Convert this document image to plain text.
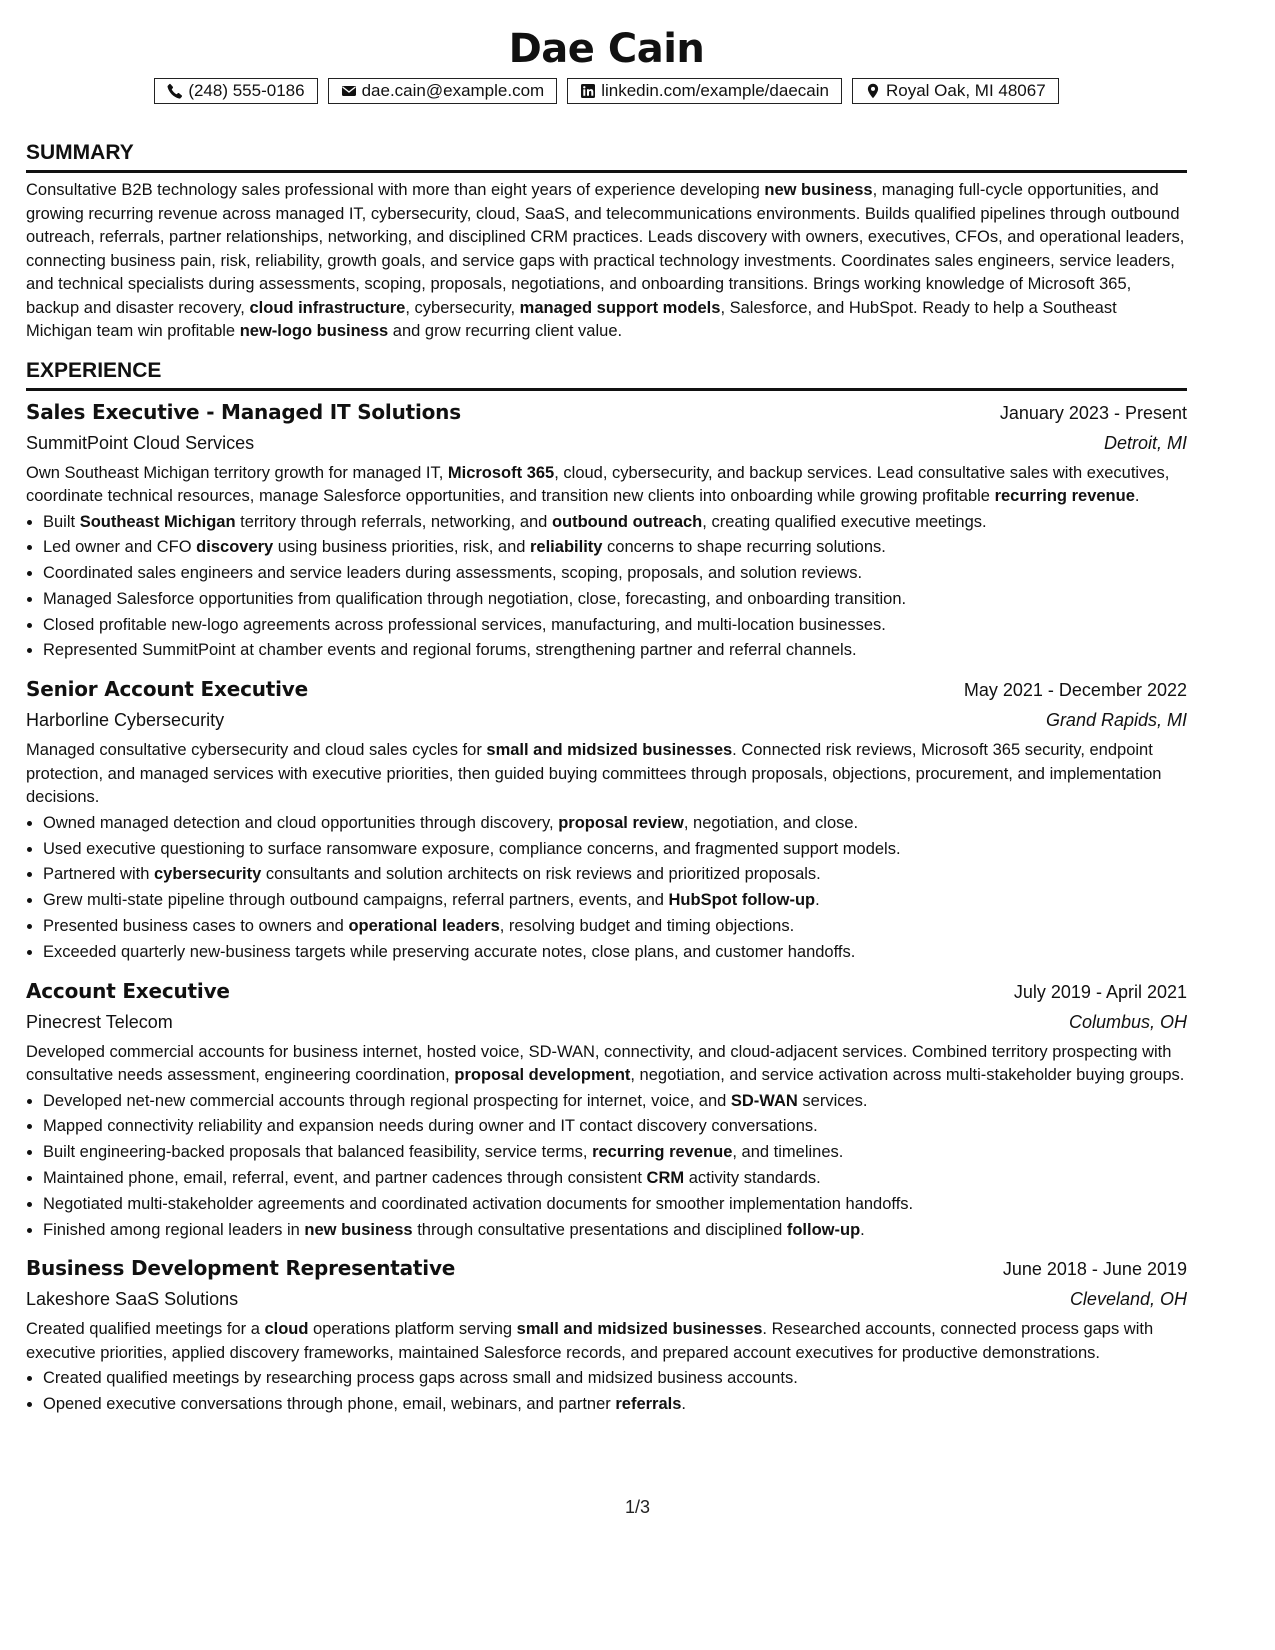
Dae Cain
(248) 555-0186	dae.cain@example.com	linkedin.com/example/daecain	Royal Oak, MI 48067
SUMMARY

Consultative B2B technology sales professional with more than eight years of experience developing new business, managing full-cycle opportunities, and growing recurring revenue across managed IT, cybersecurity, cloud, SaaS, and telecommunications environments. Builds qualified pipelines through outbound outreach, referrals, partner relationships, networking, and disciplined CRM practices. Leads discovery with owners, executives, CFOs, and operational leaders, connecting business pain, risk, reliability, growth goals, and service gaps with practical technology investments. Coordinates sales engineers, service leaders, and technical specialists during assessments, scoping, proposals, negotiations, and onboarding transitions. Brings working knowledge of Microsoft 365, backup and disaster recovery, cloud infrastructure, cybersecurity, managed support models, Salesforce, and HubSpot. Ready to help a Southeast Michigan team win profitable new-logo business and grow recurring client value.

EXPERIENCE
Sales Executive - Managed IT Solutions	January 2023 - Present
SummitPoint Cloud Services	Detroit, MI

Own Southeast Michigan territory growth for managed IT, Microsoft 365, cloud, cybersecurity, and backup services. Lead consultative sales with executives, coordinate technical resources, manage Salesforce opportunities, and transition new clients into onboarding while growing profitable recurring revenue.

• Built Southeast Michigan territory through referrals, networking, and outbound outreach, creating qualified executive meetings.
• Led owner and CFO discovery using business priorities, risk, and reliability concerns to shape recurring solutions.
• Coordinated sales engineers and service leaders during assessments, scoping, proposals, and solution reviews.
• Managed Salesforce opportunities from qualification through negotiation, close, forecasting, and onboarding transition.
• Closed profitable new-logo agreements across professional services, manufacturing, and multi-location businesses.
• Represented SummitPoint at chamber events and regional forums, strengthening partner and referral channels.
Senior Account Executive	May 2021 - December 2022
Harborline Cybersecurity	Grand Rapids, MI

Managed consultative cybersecurity and cloud sales cycles for small and midsized businesses. Connected risk reviews, Microsoft 365 security, endpoint protection, and managed services with executive priorities, then guided buying committees through proposals, objections, procurement, and implementation decisions.

• Owned managed detection and cloud opportunities through discovery, proposal review, negotiation, and close.
• Used executive questioning to surface ransomware exposure, compliance concerns, and fragmented support models.
• Partnered with cybersecurity consultants and solution architects on risk reviews and prioritized proposals.
• Grew multi-state pipeline through outbound campaigns, referral partners, events, and HubSpot follow-up.
• Presented business cases to owners and operational leaders, resolving budget and timing objections.
• Exceeded quarterly new-business targets while preserving accurate notes, close plans, and customer handoffs.
Account Executive	July 2019 - April 2021
Pinecrest Telecom	Columbus, OH

Developed commercial accounts for business internet, hosted voice, SD-WAN, connectivity, and cloud-adjacent services. Combined territory prospecting with consultative needs assessment, engineering coordination, proposal development, negotiation, and service activation across multi-stakeholder buying groups.

• Developed net-new commercial accounts through regional prospecting for internet, voice, and SD-WAN services.
• Mapped connectivity reliability and expansion needs during owner and IT contact discovery conversations.
• Built engineering-backed proposals that balanced feasibility, service terms, recurring revenue, and timelines.
• Maintained phone, email, referral, event, and partner cadences through consistent CRM activity standards.
• Negotiated multi-stakeholder agreements and coordinated activation documents for smoother implementation handoffs.
• Finished among regional leaders in new business through consultative presentations and disciplined follow-up.
Business Development Representative	June 2018 - June 2019
Lakeshore SaaS Solutions	Cleveland, OH

Created qualified meetings for a cloud operations platform serving small and midsized businesses. Researched accounts, connected process gaps with executive priorities, applied discovery frameworks, maintained Salesforce records, and prepared account executives for productive demonstrations.

• Created qualified meetings by researching process gaps across small and midsized business accounts.
• Opened executive conversations through phone, email, webinars, and partner referrals.
1/3
